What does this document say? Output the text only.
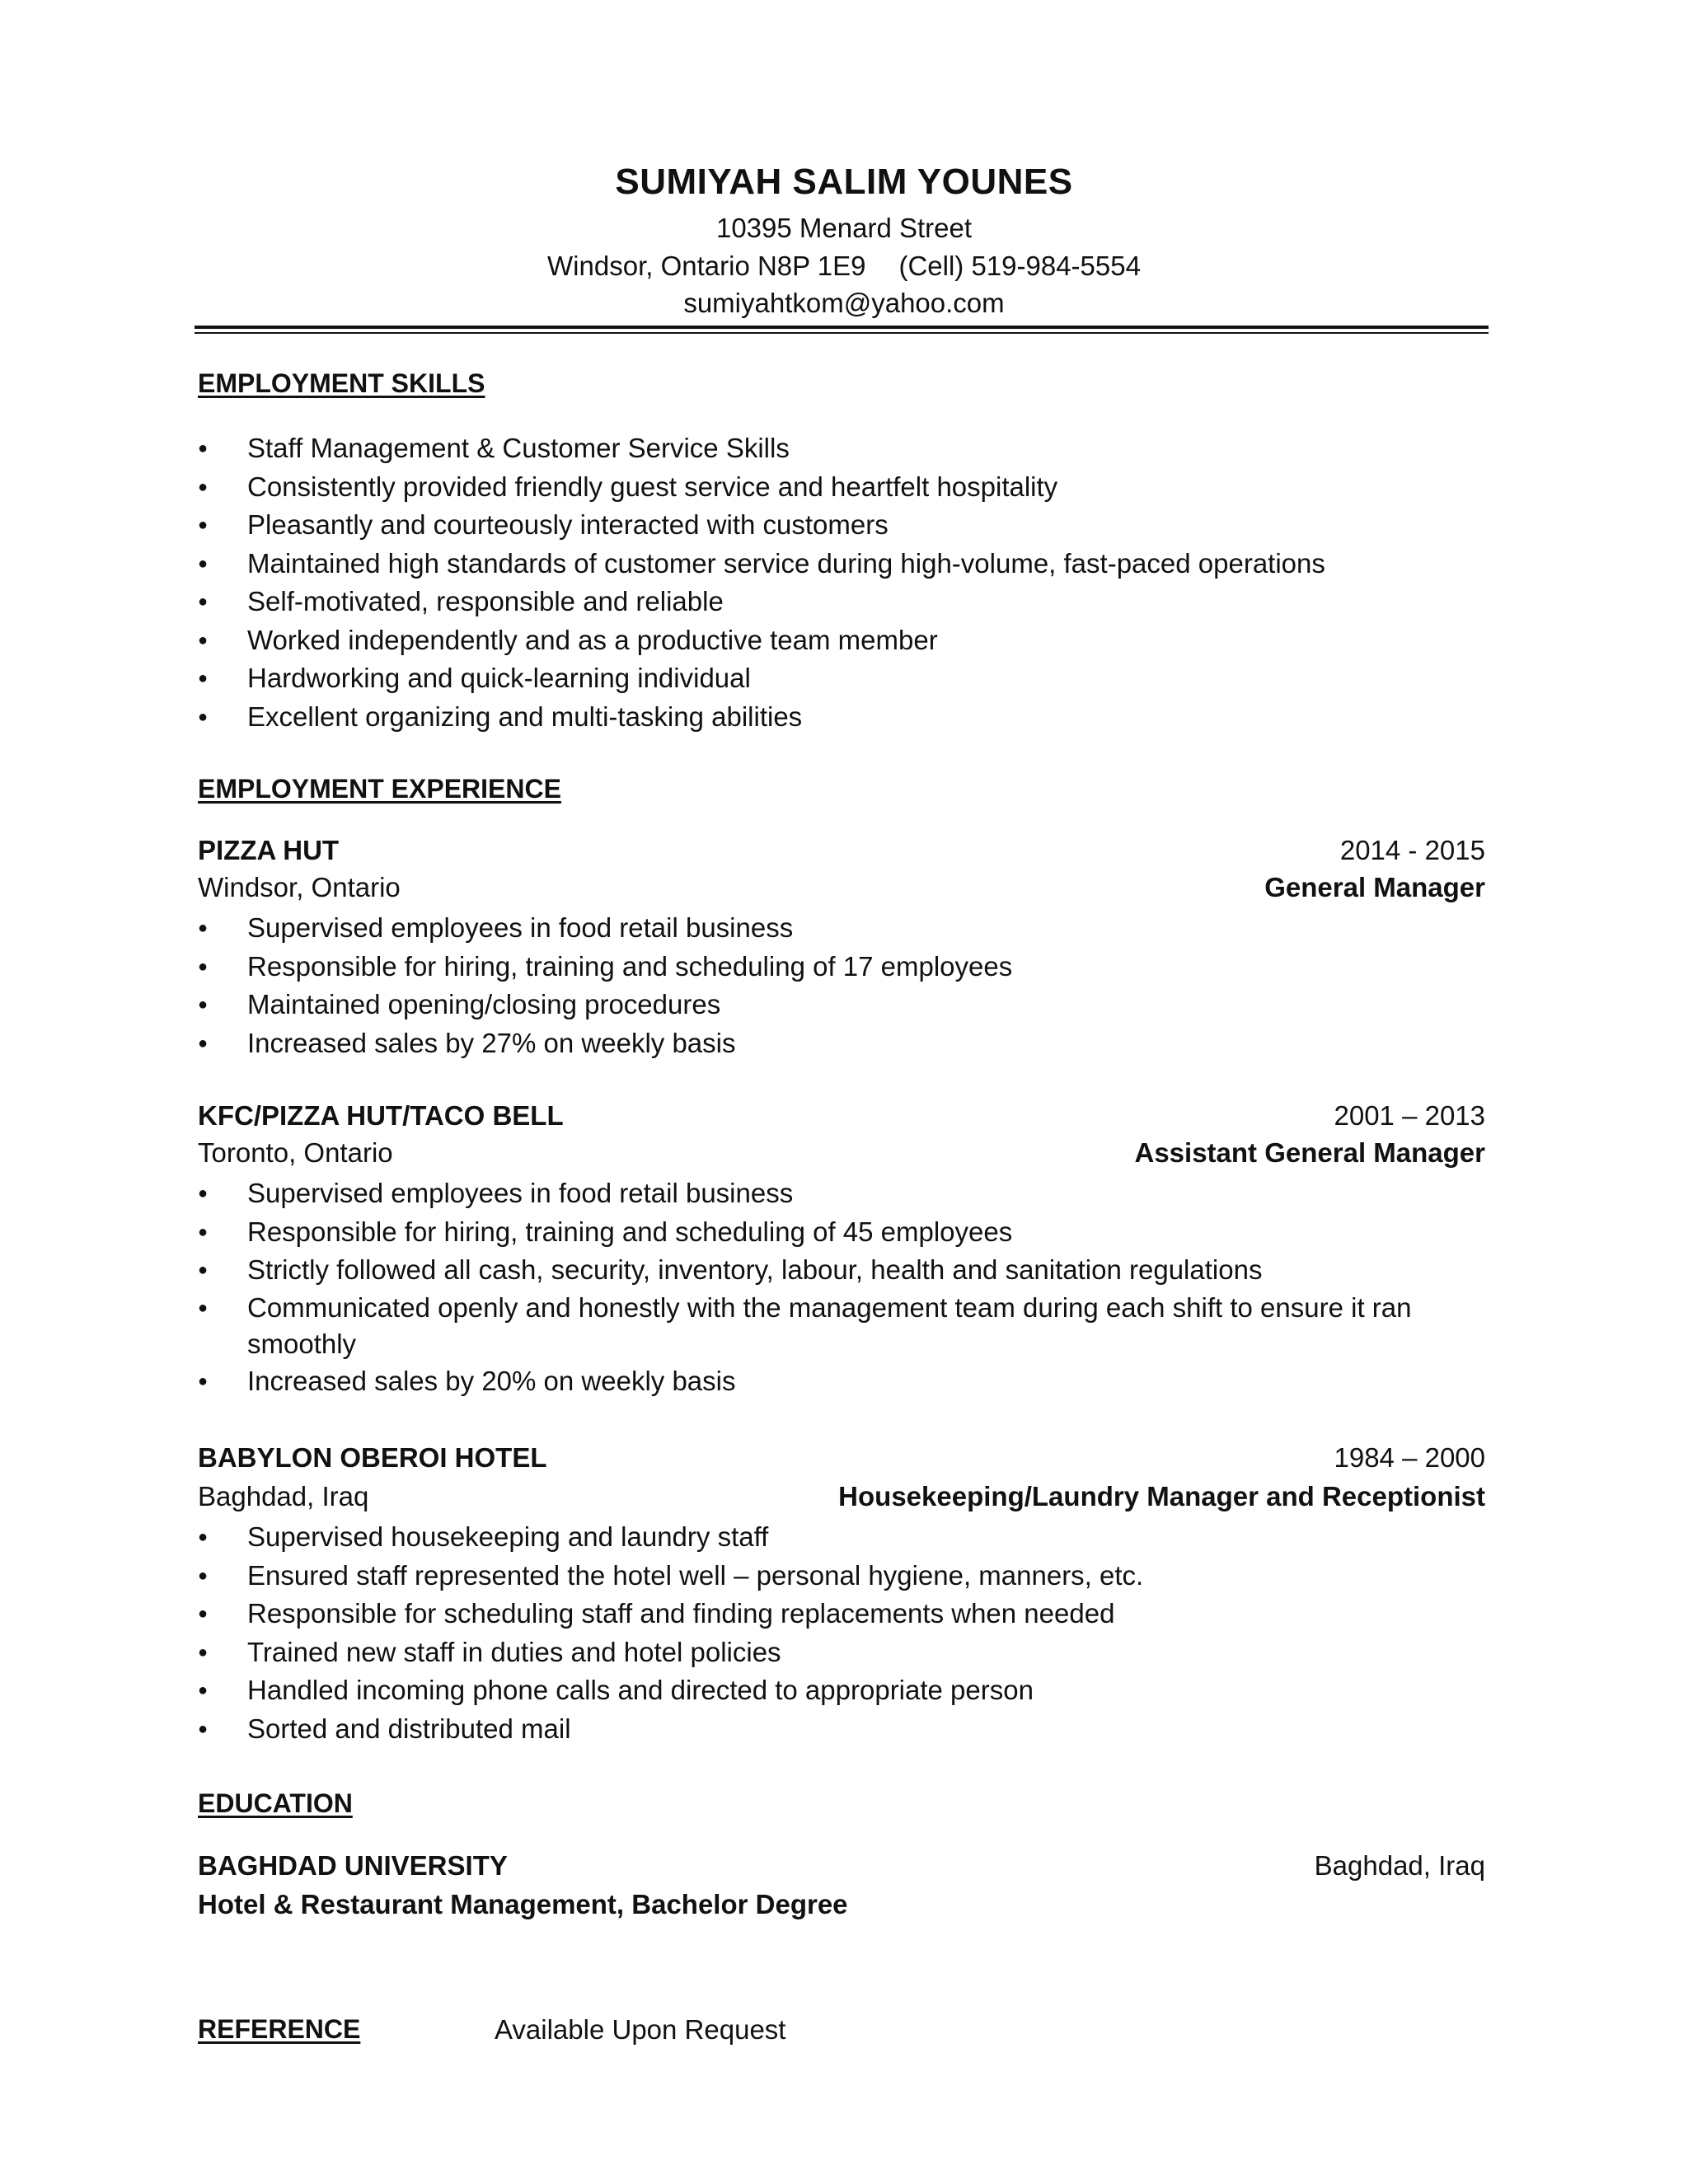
SUMIYAH SALIM YOUNES
10395 Menard Street
Windsor, Ontario N8P 1E9 (Cell) 519-984-5554
sumiyahtkom@yahoo.com
EMPLOYMENT SKILLS
● Staff Management & Customer Service Skills
● Consistently provided friendly guest service and heartfelt hospitality
● Pleasantly and courteously interacted with customers
● Maintained high standards of customer service during high-volume, fast-paced operations
● Self-motivated, responsible and reliable
● Worked independently and as a productive team member
● Hardworking and quick-learning individual
● Excellent organizing and multi-tasking abilities
EMPLOYMENT EXPERIENCE
PIZZA HUT	2014 - 2015
Windsor, Ontario	General Manager
● Supervised employees in food retail business
● Responsible for hiring, training and scheduling of 17 employees
● Maintained opening/closing procedures
● Increased sales by 27% on weekly basis
KFC/PIZZA HUT/TACO BELL	2001 – 2013
Toronto, Ontario	Assistant General Manager
● Supervised employees in food retail business
● Responsible for hiring, training and scheduling of 45 employees
● Strictly followed all cash, security, inventory, labour, health and sanitation regulations
● Communicated openly and honestly with the management team during each shift to ensure it ran smoothly
● Increased sales by 20% on weekly basis
BABYLON OBEROI HOTEL	1984 – 2000
Baghdad, Iraq	Housekeeping/Laundry Manager and Receptionist
● Supervised housekeeping and laundry staff
● Ensured staff represented the hotel well – personal hygiene, manners, etc.
● Responsible for scheduling staff and finding replacements when needed
● Trained new staff in duties and hotel policies
● Handled incoming phone calls and directed to appropriate person
● Sorted and distributed mail
EDUCATION
BAGHDAD UNIVERSITY	Baghdad, Iraq
Hotel & Restaurant Management, Bachelor Degree
REFERENCE	Available Upon Request
